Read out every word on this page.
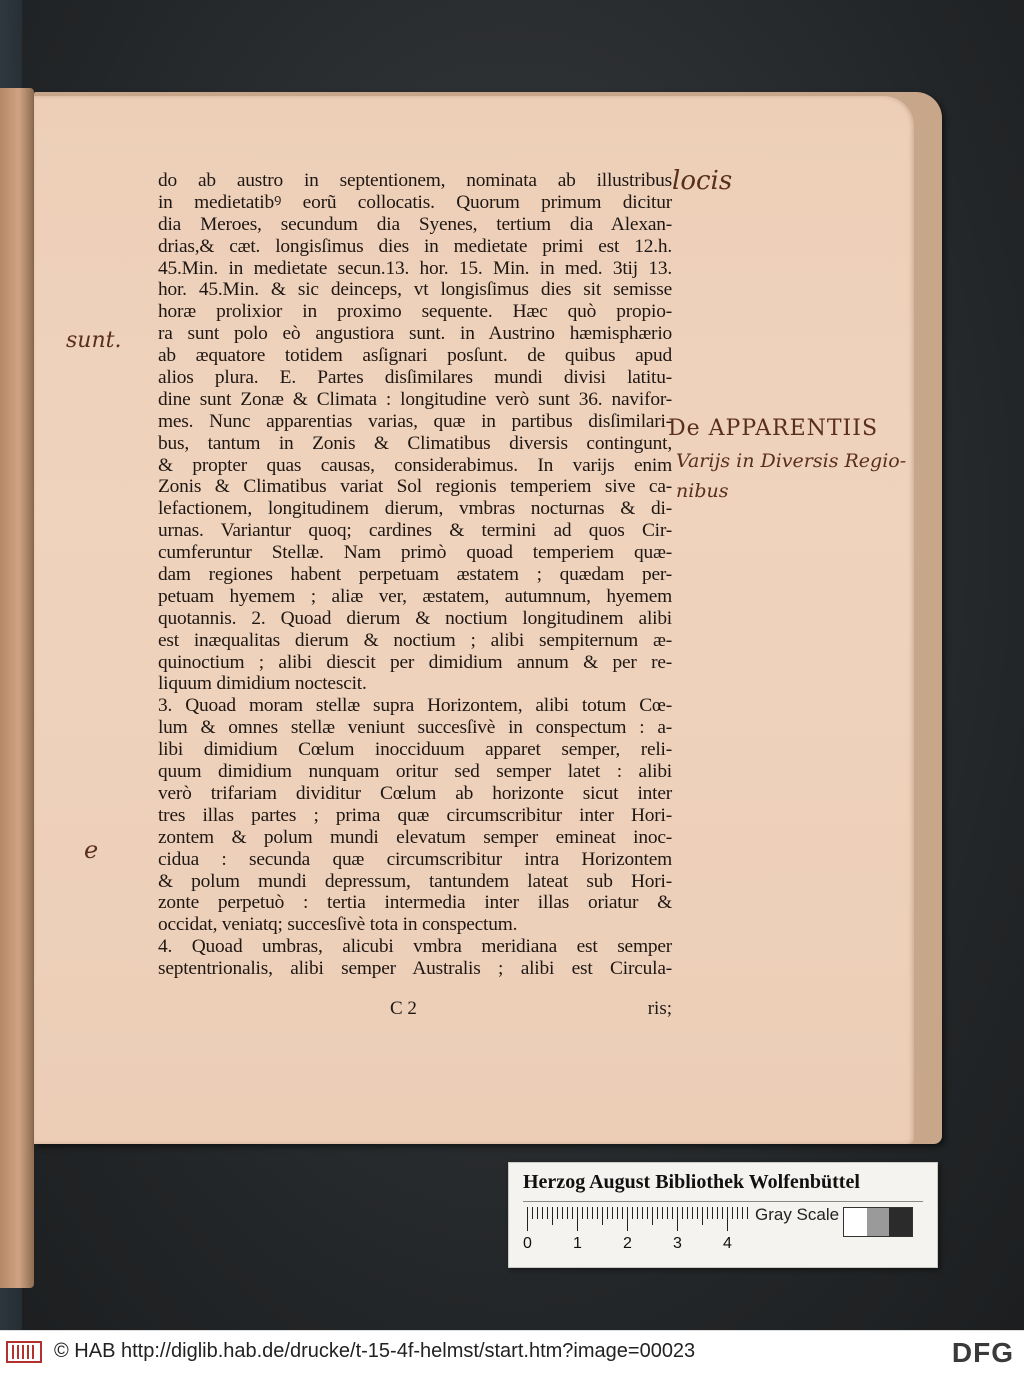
do ab austro in septentionem, nominata ab illustribus
in medietatibꝰ eorũ collocatis. Quorum primum dicitur
dia Meroes, secundum dia Syenes, tertium dia Alexan-
drias,& cæt. longisſimus dies in medietate primi est 12.h.
45.Min. in medietate secun.13. hor. 15. Min. in med. 3tij 13.
hor. 45.Min. & sic deinceps, vt longisſimus dies sit semisse
horæ prolixior in proximo sequente. Hæc quò propio-
ra sunt polo eò angustiora sunt. in Austrino hæmisphærio
ab æquatore totidem asſignari posſunt. de quibus apud
alios plura. E. Partes disſimilares mundi divisi latitu-
dine sunt Zonæ & Climata : longitudine verò sunt 36. navifor-
mes. Nunc apparentias varias, quæ in partibus disſimilari-
bus, tantum in Zonis & Climatibus diversis contingunt,
& propter quas causas, considerabimus. In varijs enim
Zonis & Climatibus variat Sol regionis temperiem sive ca-
lefactionem, longitudinem dierum, vmbras nocturnas & di-
urnas. Variantur quoq; cardines & termini ad quos Cir-
cumferuntur Stellæ. Nam primò quoad temperiem quæ-
dam regiones habent perpetuam æstatem ; quædam per-
petuam hyemem ; aliæ ver, æstatem, autumnum, hyemem
quotannis. 2. Quoad dierum & noctium longitudinem alibi
est inæqualitas dierum & noctium ; alibi sempiternum æ-
quinoctium ; alibi diescit per dimidium annum & per re-
liquum dimidium noctescit.
3. Quoad moram stellæ supra Horizontem, alibi totum Cœ-
lum & omnes stellæ veniunt succesſivè in conspectum : a-
libi dimidium Cœlum inocciduum apparet semper, reli-
quum dimidium nunquam oritur sed semper latet : alibi
verò trifariam dividitur Cœlum ab horizonte sicut inter
tres illas partes ; prima quæ circumscribitur inter Hori-
zontem & polum mundi elevatum semper emineat inoc-
cidua : secunda quæ circumscribitur intra Horizontem
& polum mundi depressum, tantundem lateat sub Hori-
zonte perpetuò : tertia intermedia inter illas oriatur &
occidat, veniatq; succesſivè tota in conspectum.
4. Quoad umbras, alicubi vmbra meridiana est semper
septentrionalis, alibi semper Australis ; alibi est Circula-
C 2	ris;
locis
sunt.
De APPARENTIIS
Varijs in Diversis Regio-
nibus
e
Herzog August Bibliothek Wolfenbüttel
0	1	2	3	4
Gray Scale
© HAB http://diglib.hab.de/drucke/t-15-4f-helmst/start.htm?image=00023	DFG
